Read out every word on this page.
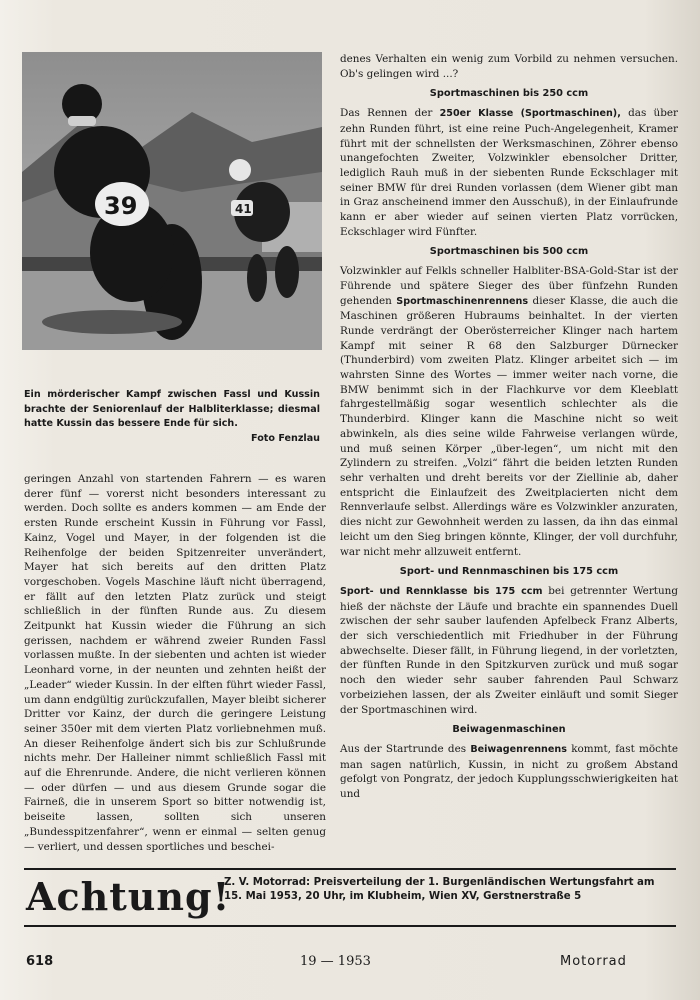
41
39
Ein mörderischer Kampf zwischen Fassl und Kussin brachte der Seniorenlauf der Halbliterklasse; diesmal hatte Kussin das bessere Ende für sich.
Foto Fenzlau

geringen Anzahl von startenden Fahrern — es waren derer fünf — vorerst nicht besonders interessant zu werden. Doch sollte es anders kommen — am Ende der ersten Runde erscheint Kussin in Führung vor Fassl, Kainz, Vogel und Mayer, in der folgenden ist die Reihenfolge der beiden Spitzenreiter unverändert, Mayer hat sich bereits auf den dritten Platz vorgeschoben. Vogels Maschine läuft nicht überragend, er fällt auf den letzten Platz zurück und steigt schließlich in der fünften Runde aus. Zu diesem Zeitpunkt hat Kussin wieder die Führung an sich gerissen, nachdem er während zweier Runden Fassl vorlassen mußte. In der siebenten und achten ist wieder Leonhard vorne, in der neunten und zehnten heißt der „Leader“ wieder Kussin. In der elften führt wieder Fassl, um dann endgültig zurückzufallen, Mayer bleibt sicherer Dritter vor Kainz, der durch die geringere Leistung seiner 350er mit dem vierten Platz vorliebnehmen muß. An dieser Reihenfolge ändert sich bis zur Schlußrunde nichts mehr. Der Halleiner nimmt schließlich Fassl mit auf die Ehrenrunde. Andere, die nicht verlieren können — oder dürfen — und aus diesem Grunde sogar die Fairneß, die in unserem Sport so bitter notwendig ist, beiseite lassen, sollten sich unseren „Bundesspitzenfahrer“, wenn er einmal — selten genug — verliert, und dessen sportliches und beschei-

denes Verhalten ein wenig zum Vorbild zu nehmen versuchen. Ob's gelingen wird ...?

Sportmaschinen bis 250 ccm

Das Rennen der 250er Klasse (Sportmaschinen), das über zehn Runden führt, ist eine reine Puch-Angelegenheit, Kramer führt mit der schnellsten der Werksmaschinen, Zöhrer ebenso unangefochten Zweiter, Volzwinkler ebensolcher Dritter, lediglich Rauh muß in der siebenten Runde Eckschlager mit seiner BMW für drei Runden vorlassen (dem Wiener gibt man in Graz anscheinend immer den Ausschuß), in der Einlaufrunde kann er aber wieder auf seinen vierten Platz vorrücken, Eckschlager wird Fünfter.

Sportmaschinen bis 500 ccm

Volzwinkler auf Felkls schneller Halbliter-BSA-Gold-Star ist der Führende und spätere Sieger des über fünfzehn Runden gehenden Sportmaschinenrennens dieser Klasse, die auch die Maschinen größeren Hubraums beinhaltet. In der vierten Runde verdrängt der Oberösterreicher Klinger nach hartem Kampf mit seiner R 68 den Salzburger Dürnecker (Thunderbird) vom zweiten Platz. Klinger arbeitet sich — im wahrsten Sinne des Wortes — immer weiter nach vorne, die BMW benimmt sich in der Flachkurve vor dem Kleeblatt fahrgestellmäßig sogar wesentlich schlechter als die Thunderbird. Klinger kann die Maschine nicht so weit abwinkeln, als dies seine wilde Fahrweise verlangen würde, und muß seinen Körper „über-legen“, um nicht mit den Zylindern zu streifen. „Volzi“ fährt die beiden letzten Runden sehr verhalten und dreht bereits vor der Ziellinie ab, daher entspricht die Einlaufzeit des Zweitplacierten nicht dem Rennverlaufe selbst. Allerdings wäre es Volzwinkler anzuraten, dies nicht zur Gewohnheit werden zu lassen, da ihn das einmal leicht um den Sieg bringen könnte, Klinger, der voll durchfuhr, war nicht mehr allzuweit entfernt.

Sport- und Rennmaschinen bis 175 ccm

Sport- und Rennklasse bis 175 ccm bei getrennter Wertung hieß der nächste der Läufe und brachte ein spannendes Duell zwischen der sehr sauber laufenden Apfelbeck Franz Alberts, der sich verschiedentlich mit Friedhuber in der Führung abwechselte. Dieser fällt, in Führung liegend, in der vorletzten, der fünften Runde in den Spitzkurven zurück und muß sogar noch den wieder sehr sauber fahrenden Paul Schwarz vorbeiziehen lassen, der als Zweiter einläuft und somit Sieger der Sportmaschinen wird.

Beiwagenmaschinen

Aus der Startrunde des Beiwagenrennens kommt, fast möchte man sagen natürlich, Kussin, in nicht zu großem Abstand gefolgt von Pongratz, der jedoch Kupplungsschwierigkeiten hat und

Achtung!
Z. V. Motorrad: Preisverteilung der 1. Burgenländischen Wertungsfahrt am 15. Mai 1953, 20 Uhr, im Klubheim, Wien XV, Gerstnerstraße 5
618	19 — 1953	Motorrad
